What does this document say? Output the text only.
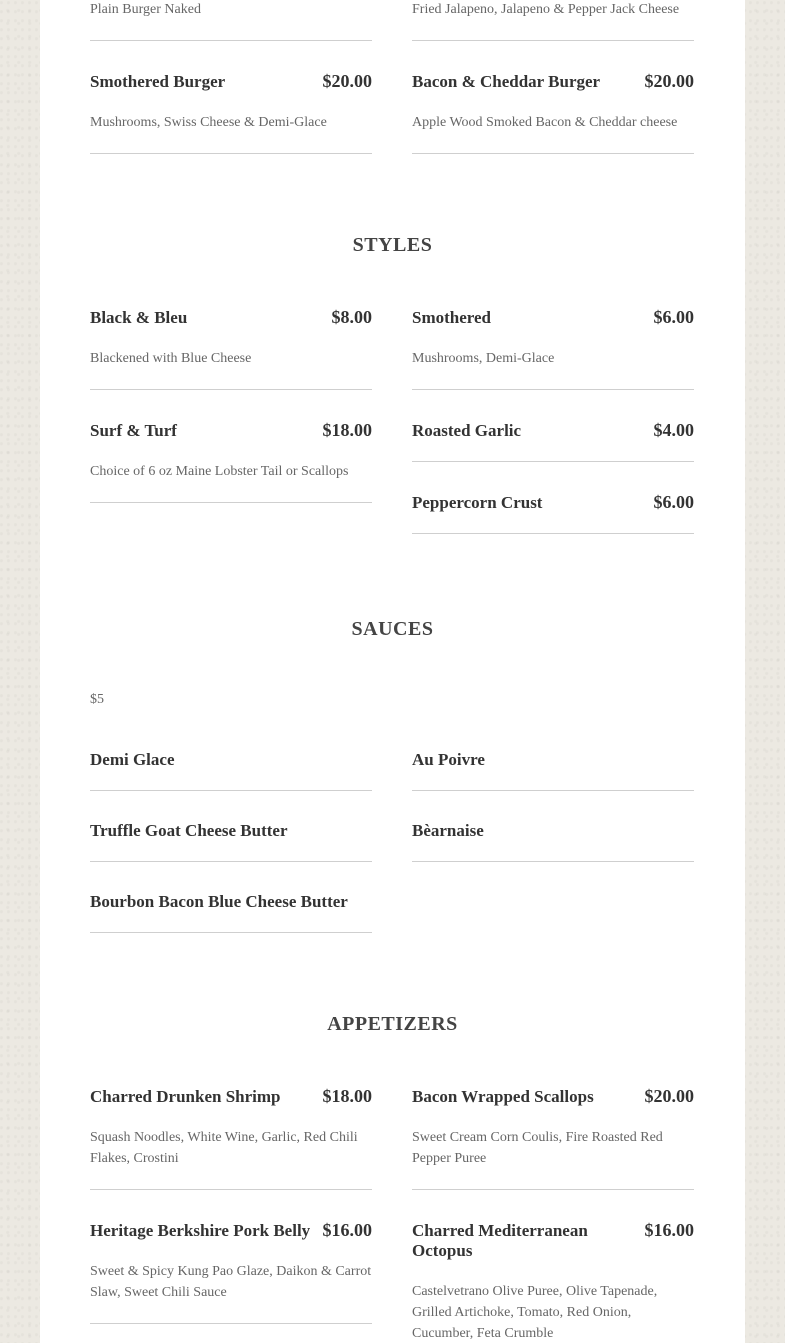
Plain Burger Naked	Fried Jalapeno, Jalapeno & Pepper Jack Cheese
Smothered Burger	$20.00
Mushrooms, Swiss Cheese & Demi-Glace
Bacon & Cheddar Burger	$20.00
Apple Wood Smoked Bacon & Cheddar cheese
STYLES
Black & Bleu	$8.00
Blackened with Blue Cheese
Smothered	$6.00
Mushrooms, Demi-Glace
Surf & Turf	$18.00
Choice of 6 oz Maine Lobster Tail or Scallops
Roasted Garlic	$4.00
Peppercorn Crust	$6.00
SAUCES
$5
Demi Glace	Au Poivre
Truffle Goat Cheese Butter	Bèarnaise
Bourbon Bacon Blue Cheese Butter
APPETIZERS
Charred Drunken Shrimp	$18.00
Squash Noodles, White Wine, Garlic, Red Chili Flakes, Crostini
Bacon Wrapped Scallops	$20.00
Sweet Cream Corn Coulis, Fire Roasted Red Pepper Puree
Heritage Berkshire Pork Belly $16.00
Sweet & Spicy Kung Pao Glaze, Daikon & Carrot Slaw, Sweet Chili Sauce
Charred Mediterranean Octopus
$16.00
Castelvetrano Olive Puree, Olive Tapenade, Grilled Artichoke, Tomato, Red Onion, Cucumber, Feta Crumble
